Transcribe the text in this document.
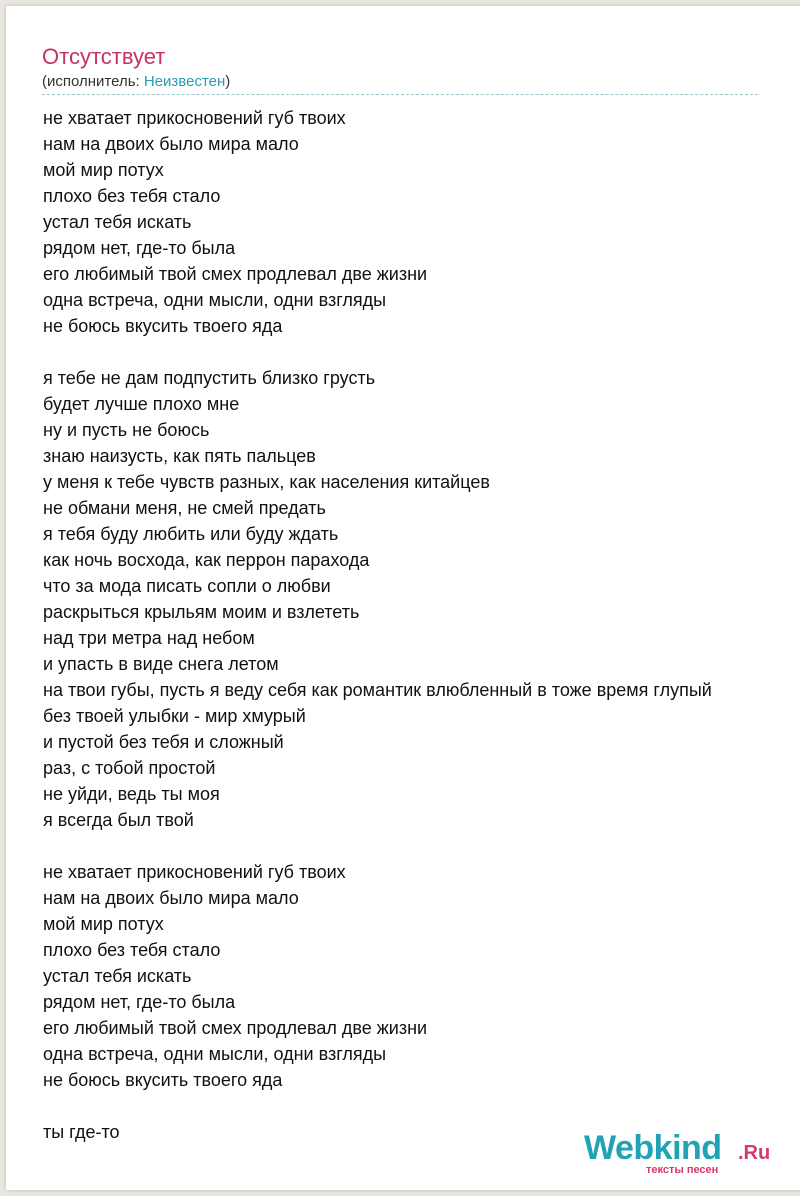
Отсутствует
(исполнитель: Неизвестен)
не хватает прикосновений губ твоих
нам на двоих было мира мало
мой мир потух
плохо без тебя стало
устал тебя искать
рядом нет, где-то была
его любимый твой смех продлевал две жизни
одна встреча, одни мысли, одни взгляды
не боюсь вкусить твоего яда
я тебе не дам подпустить близко грусть
будет лучше плохо мне
ну и пусть не боюсь
знаю наизусть, как пять пальцев
у меня к тебе чувств разных, как населения китайцев
не обмани меня, не смей предать
я тебя буду любить или буду ждать
как ночь восхода, как перрон парахода
что за мода писать сопли о любви
раскрыться крыльям моим и взлететь
над три метра над небом
и упасть в виде снега летом
на твои губы, пусть я веду себя как романтик влюбленный в тоже время глупый
без твоей улыбки - мир хмурый
и пустой без тебя и сложный
раз, с тобой простой
не уйди, ведь ты моя
я всегда был твой
не хватает прикосновений губ твоих
нам на двоих было мира мало
мой мир потух
плохо без тебя стало
устал тебя искать
рядом нет, где-то была
его любимый твой смех продлевал две жизни
одна встреча, одни мысли, одни взгляды
не боюсь вкусить твоего яда
ты где-то	Webkind .Ru
тексты песен
